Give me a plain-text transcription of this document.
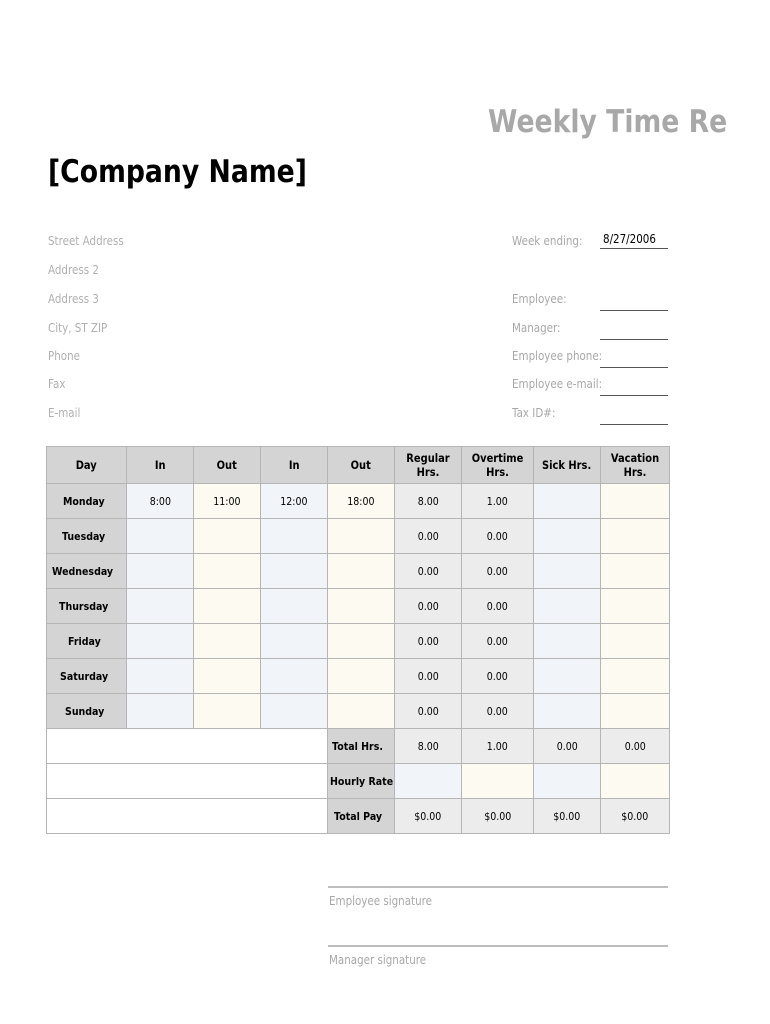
Weekly Time Re
[Company Name]
Street Address
Address 2
Address 3
City, ST ZIP
Phone
Fax
E-mail
Week ending: 8/27/2006
Employee:
Manager:
Employee phone:
Employee e-mail:
Tax ID#:
Day	In	Out	In	Out	Regular Hrs.	Overtime Hrs.	Sick Hrs.	Vacation Hrs.
Monday	8:00	11:00	12:00	18:00	8.00	1.00		
Tuesday					0.00	0.00		
Wednesday					0.00	0.00		
Thursday					0.00	0.00		
Friday					0.00	0.00		
Saturday					0.00	0.00		
Sunday					0.00	0.00		
				Total Hrs.	8.00	1.00	0.00	0.00
				Hourly Rate				
				Total Pay	$0.00	$0.00	$0.00	$0.00
Employee signature
Manager signature
